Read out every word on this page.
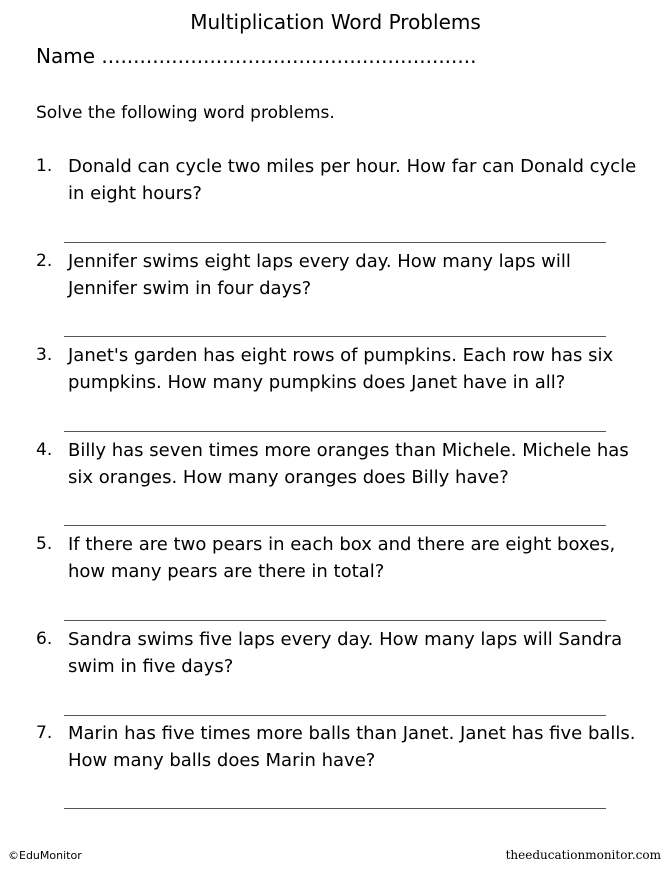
Multiplication Word Problems
Name ...........................................................
Solve the following word problems.
1. Donald can cycle two miles per hour. How far can Donald cycle in eight hours?
2. Jennifer swims eight laps every day. How many laps will Jennifer swim in four days?
3. Janet's garden has eight rows of pumpkins. Each row has six pumpkins. How many pumpkins does Janet have in all?
4. Billy has seven times more oranges than Michele. Michele has six oranges. How many oranges does Billy have?
5. If there are two pears in each box and there are eight boxes, how many pears are there in total?
6. Sandra swims five laps every day. How many laps will Sandra swim in five days?
7. Marin has five times more balls than Janet. Janet has five balls. How many balls does Marin have?
©EduMonitor	theeducationmonitor.com
